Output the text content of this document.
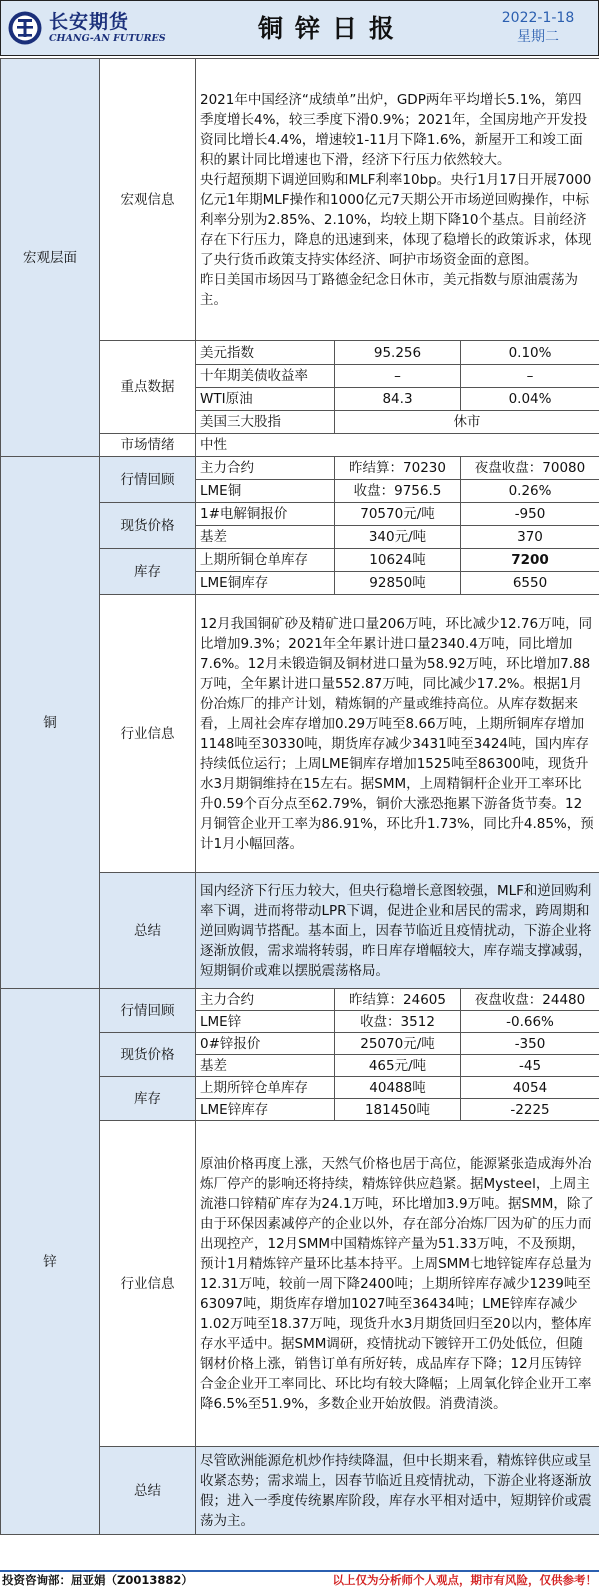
长安期货
CHANG-AN FUTURES	铜锌日报	2022-1-18
星期二
宏观层面	宏观信息	2021年中国经济“成绩单”出炉，GDP两年平均增长5.1%，第四季度增长4%，较三季度下滑0.9%；2021年，全国房地产开发投资同比增长4.4%，增速较1-11月下降1.6%，新屋开工和竣工面积的累计同比增速也下滑，经济下行压力依然较大。
央行超预期下调逆回购和MLF利率10bp。央行1月17日开展7000亿元1年期MLF操作和1000亿元7天期公开市场逆回购操作，中标利率分别为2.85%、2.10%，均较上期下降10个基点。目前经济存在下行压力，降息的迅速到来，体现了稳增长的政策诉求，体现了央行货币政策支持实体经济、呵护市场资金面的意图。
昨日美国市场因马丁路德金纪念日休市，美元指数与原油震荡为主。		

	重点数据	美元指数	95.256	0.10%
		十年期美债收益率	–	–
		WTI原油	84.3	0.04%
		美国三大股指	休市	
	市场情绪	中性		
铜	行情回顾	主力合约	昨结算：70230	夜盘收盘：70080
		LME铜	收盘：9756.5	0.26%
	现货价格	1#电解铜报价	70570元/吨	-950
		基差	340元/吨	370
	库存	上期所铜仓单库存	10624吨	7200
		LME铜库存	92850吨	6550
	行业信息	12月我国铜矿砂及精矿进口量206万吨，环比减少12.76万吨，同比增加9.3%；2021年全年累计进口量2340.4万吨，同比增加7.6%。12月未锻造铜及铜材进口量为58.92万吨，环比增加7.88万吨，全年累计进口量552.87万吨，同比减少17.2%。根据1月份冶炼厂的排产计划，精炼铜的产量或维持高位。从库存数据来看，上周社会库存增加0.29万吨至8.66万吨，上期所铜库存增加1148吨至30330吨，期货库存减少3431吨至3424吨，国内库存持续低位运行；上周LME铜库存增加1525吨至86300吨，现货升水3月期铜维持在15左右。据SMM，上周精铜杆企业开工率环比升0.59个百分点至62.79%，铜价大涨恐拖累下游备货节奏。12月铜管企业开工率为86.91%，环比升1.73%，同比升4.85%，预计1月小幅回落。		
	总结	国内经济下行压力较大，但央行稳增长意图较强，MLF和逆回购利率下调，进而将带动LPR下调，促进企业和居民的需求，跨周期和逆回购调节搭配。基本面上，因春节临近且疫情扰动，下游企业将逐渐放假，需求端将转弱，昨日库存增幅较大，库存端支撑减弱，短期铜价或难以摆脱震荡格局。		
锌	行情回顾	主力合约	昨结算：24605	夜盘收盘：24480
		LME锌	收盘：3512	-0.66%
	现货价格	0#锌报价	25070元/吨	-350
		基差	465元/吨	-45
	库存	上期所锌仓单库存	40488吨	4054
		LME锌库存	181450吨	-2225
	行业信息	原油价格再度上涨，天然气价格也居于高位，能源紧张造成海外冶炼厂停产的影响还将持续，精炼锌供应趋紧。据Mysteel，上周主流港口锌精矿库存为24.1万吨，环比增加3.9万吨。据SMM，除了由于环保因素减停产的企业以外，存在部分冶炼厂因为矿的压力而出现控产，12月SMM中国精炼锌产量为51.33万吨，不及预期，预计1月精炼锌产量环比基本持平。上周SMM七地锌锭库存总量为12.31万吨，较前一周下降2400吨；上期所锌库存减少1239吨至63097吨，期货库存增加1027吨至36434吨；LME锌库存减少1.02万吨至18.37万吨，现货升水3月期货回归至20以内，整体库存水平适中。据SMM调研，疫情扰动下镀锌开工仍处低位，但随钢材价格上涨，销售订单有所好转，成品库存下降；12月压铸锌合金企业开工率同比、环比均有较大降幅；上周氧化锌企业开工率降6.5%至51.9%，多数企业开始放假。消费清淡。		
	总结	尽管欧洲能源危机炒作持续降温，但中长期来看，精炼锌供应或呈收紧态势；需求端上，因春节临近且疫情扰动，下游企业将逐渐放假；进入一季度传统累库阶段，库存水平相对适中，短期锌价或震荡为主。		
投资咨询部：屈亚娟（Z0013882）	以上仅为分析师个人观点，期市有风险，仅供参考！
